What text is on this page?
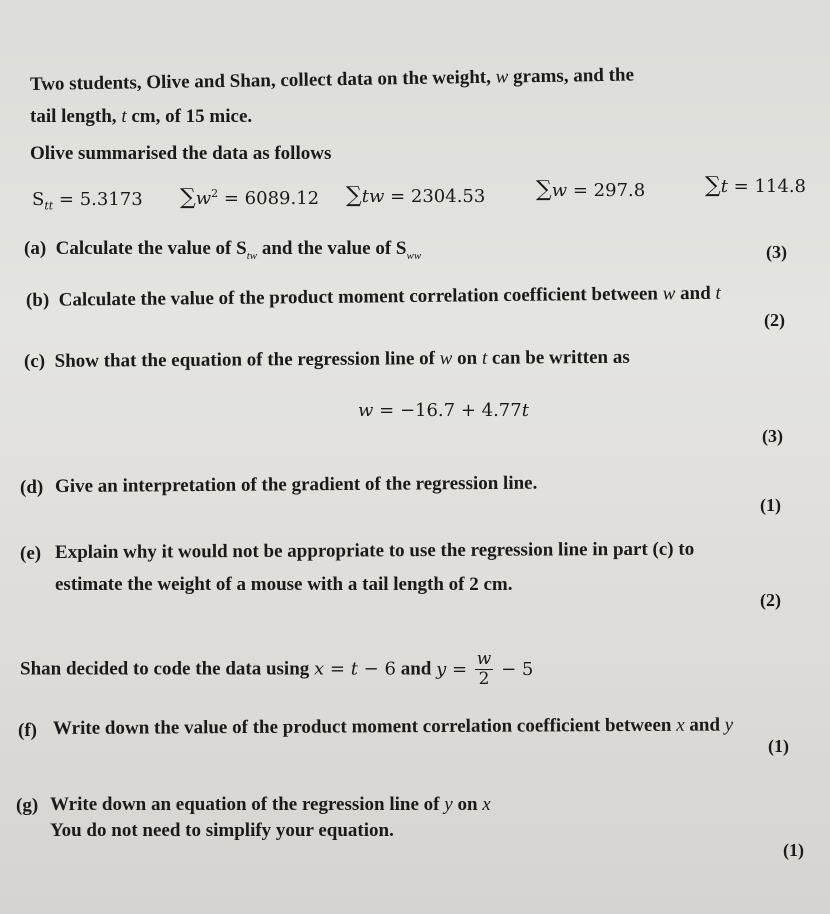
Two students, Olive and Shan, collect data on the weight, w grams, and the
tail length, t cm, of 15 mice.
Olive summarised the data as follows
$S_{tt} = 5.3173$ $\sum w^2 = 6089.12$ ∑tw = 2304.53 ∑w = 297.8	∑t = 114.8
(a)  Calculate the value of $S_{tw}$ and the value of $S_{ww}$	(3)
(b)  Calculate the value of the product moment correlation coefficient between w and t
(2)
(c)  Show that the equation of the regression line of w on t can be written as
w = −16.7 + 4.77t
(3)
Give an interpretation of the gradient of the regression line.
(d)
(1)
(e) Explain why it would not be appropriate to use the regression line in part (c) to
estimate the weight of a mouse with a tail length of 2 cm.
(2)
Shan decided to code the data using x = t − 6 and $y = \frac{w}{2} - 5$
(f) Write down the value of the product moment correlation coefficient between x and y
(1)
(g) Write down an equation of the regression line of y on x
You do not need to simplify your equation.
(1)
